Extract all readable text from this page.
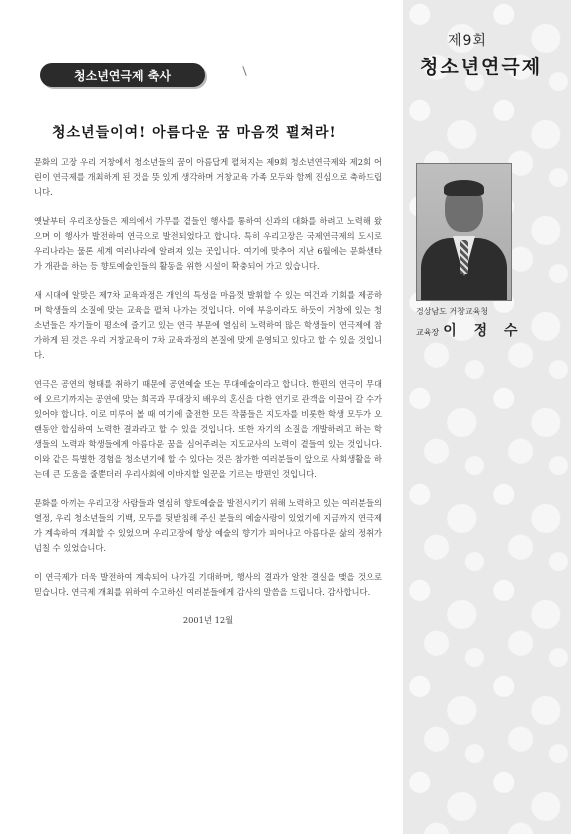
제9회
청소년연극제
청소년연극제 축사
청소년들이여! 아름다운 꿈 마음껏 펼쳐라!

문화의 고장 우리 거창에서 청소년들의 꿈이 아름답게 펼쳐지는 제9회 청소년연극제와 제2회 어린이 연극제를 개최하게 된 것을 뜻 있게 생각하며 거창교육 가족 모두와 함께 진심으로 축하드립니다.

옛날부터 우리조상들은 제의에서 가무를 곁들인 행사를 통하여 신과의 대화를 하려고 노력해 왔으며 이 행사가 발전하여 연극으로 발전되었다고 합니다. 특히 우리고장은 국제연극제의 도시로 우리나라는 물론 세계 여러나라에 알려져 있는 곳입니다. 여기에 맞추어 지난 6월에는 문화센타가 개관을 하는 등 향토예술인들의 활동을 위한 시설이 확충되어 가고 있습니다.

새 시대에 알맞은 제7차 교육과정은 개인의 특성을 마음껏 발휘할 수 있는 여건과 기회를 제공하며 학생들의 소질에 맞는 교육을 펼쳐 나가는 것입니다. 이에 부응이라도 하듯이 거창에 있는 청소년들은 자기들이 평소에 즐기고 있는 연극 부문에 열심히 노력하여 많은 학생들이 연극제에 참가하게 된 것은 우리 거창교육이 7차 교육과정의 본질에 맞게 운영되고 있다고 할 수 있을 것입니다.

연극은 공연의 형태를 취하기 때문에 공연예술 또는 무대예술이라고 합니다. 한편의 연극이 무대에 오르기까지는 공연에 맞는 희곡과 무대장치 배우의 혼신을 다한 연기로 관객을 이끌어 갈 수가 있어야 합니다. 이로 미루어 볼 때 여기에 출전한 모든 작품들은 지도자를 비롯한 학생 모두가 오랜동안 합심하여 노력한 결과라고 할 수 있을 것입니다. 또한 자기의 소질을 개발하려고 하는 학생들의 노력과 학생들에게 아름다운 꿈을 심어주려는 지도교사의 노력이 곁들여 있는 것입니다. 이와 같은 특별한 경험을 청소년기에 할 수 있다는 것은 참가한 여러분들이 앞으로 사회생활을 하는데 큰 도움을 줄뿐더러 우리사회에 이바지할 일꾼을 기르는 방편인 것입니다.

문화를 아끼는 우리고장 사람들과 열심히 향토예술을 발전시키기 위해 노력하고 있는 여러분들의 열정, 우리 청소년들의 기백, 모두를 뒷받침해 주신 분들의 예술사랑이 있었기에 지금까지 연극제가 계속하여 개최할 수 있었으며 우리고장에 항상 예술의 향기가 피어나고 아름다운 삶의 정취가 넘칠 수 있었습니다.

이 연극제가 더욱 발전하여 계속되어 나가길 기대하며, 행사의 결과가 알찬 결실을 맺을 것으로 믿습니다. 연극제 개최를 위하여 수고하신 여러분들에게 감사의 말씀을 드립니다. 감사합니다.

2001년 12월

경상남도 거창교육청
교육장 이 정 수
